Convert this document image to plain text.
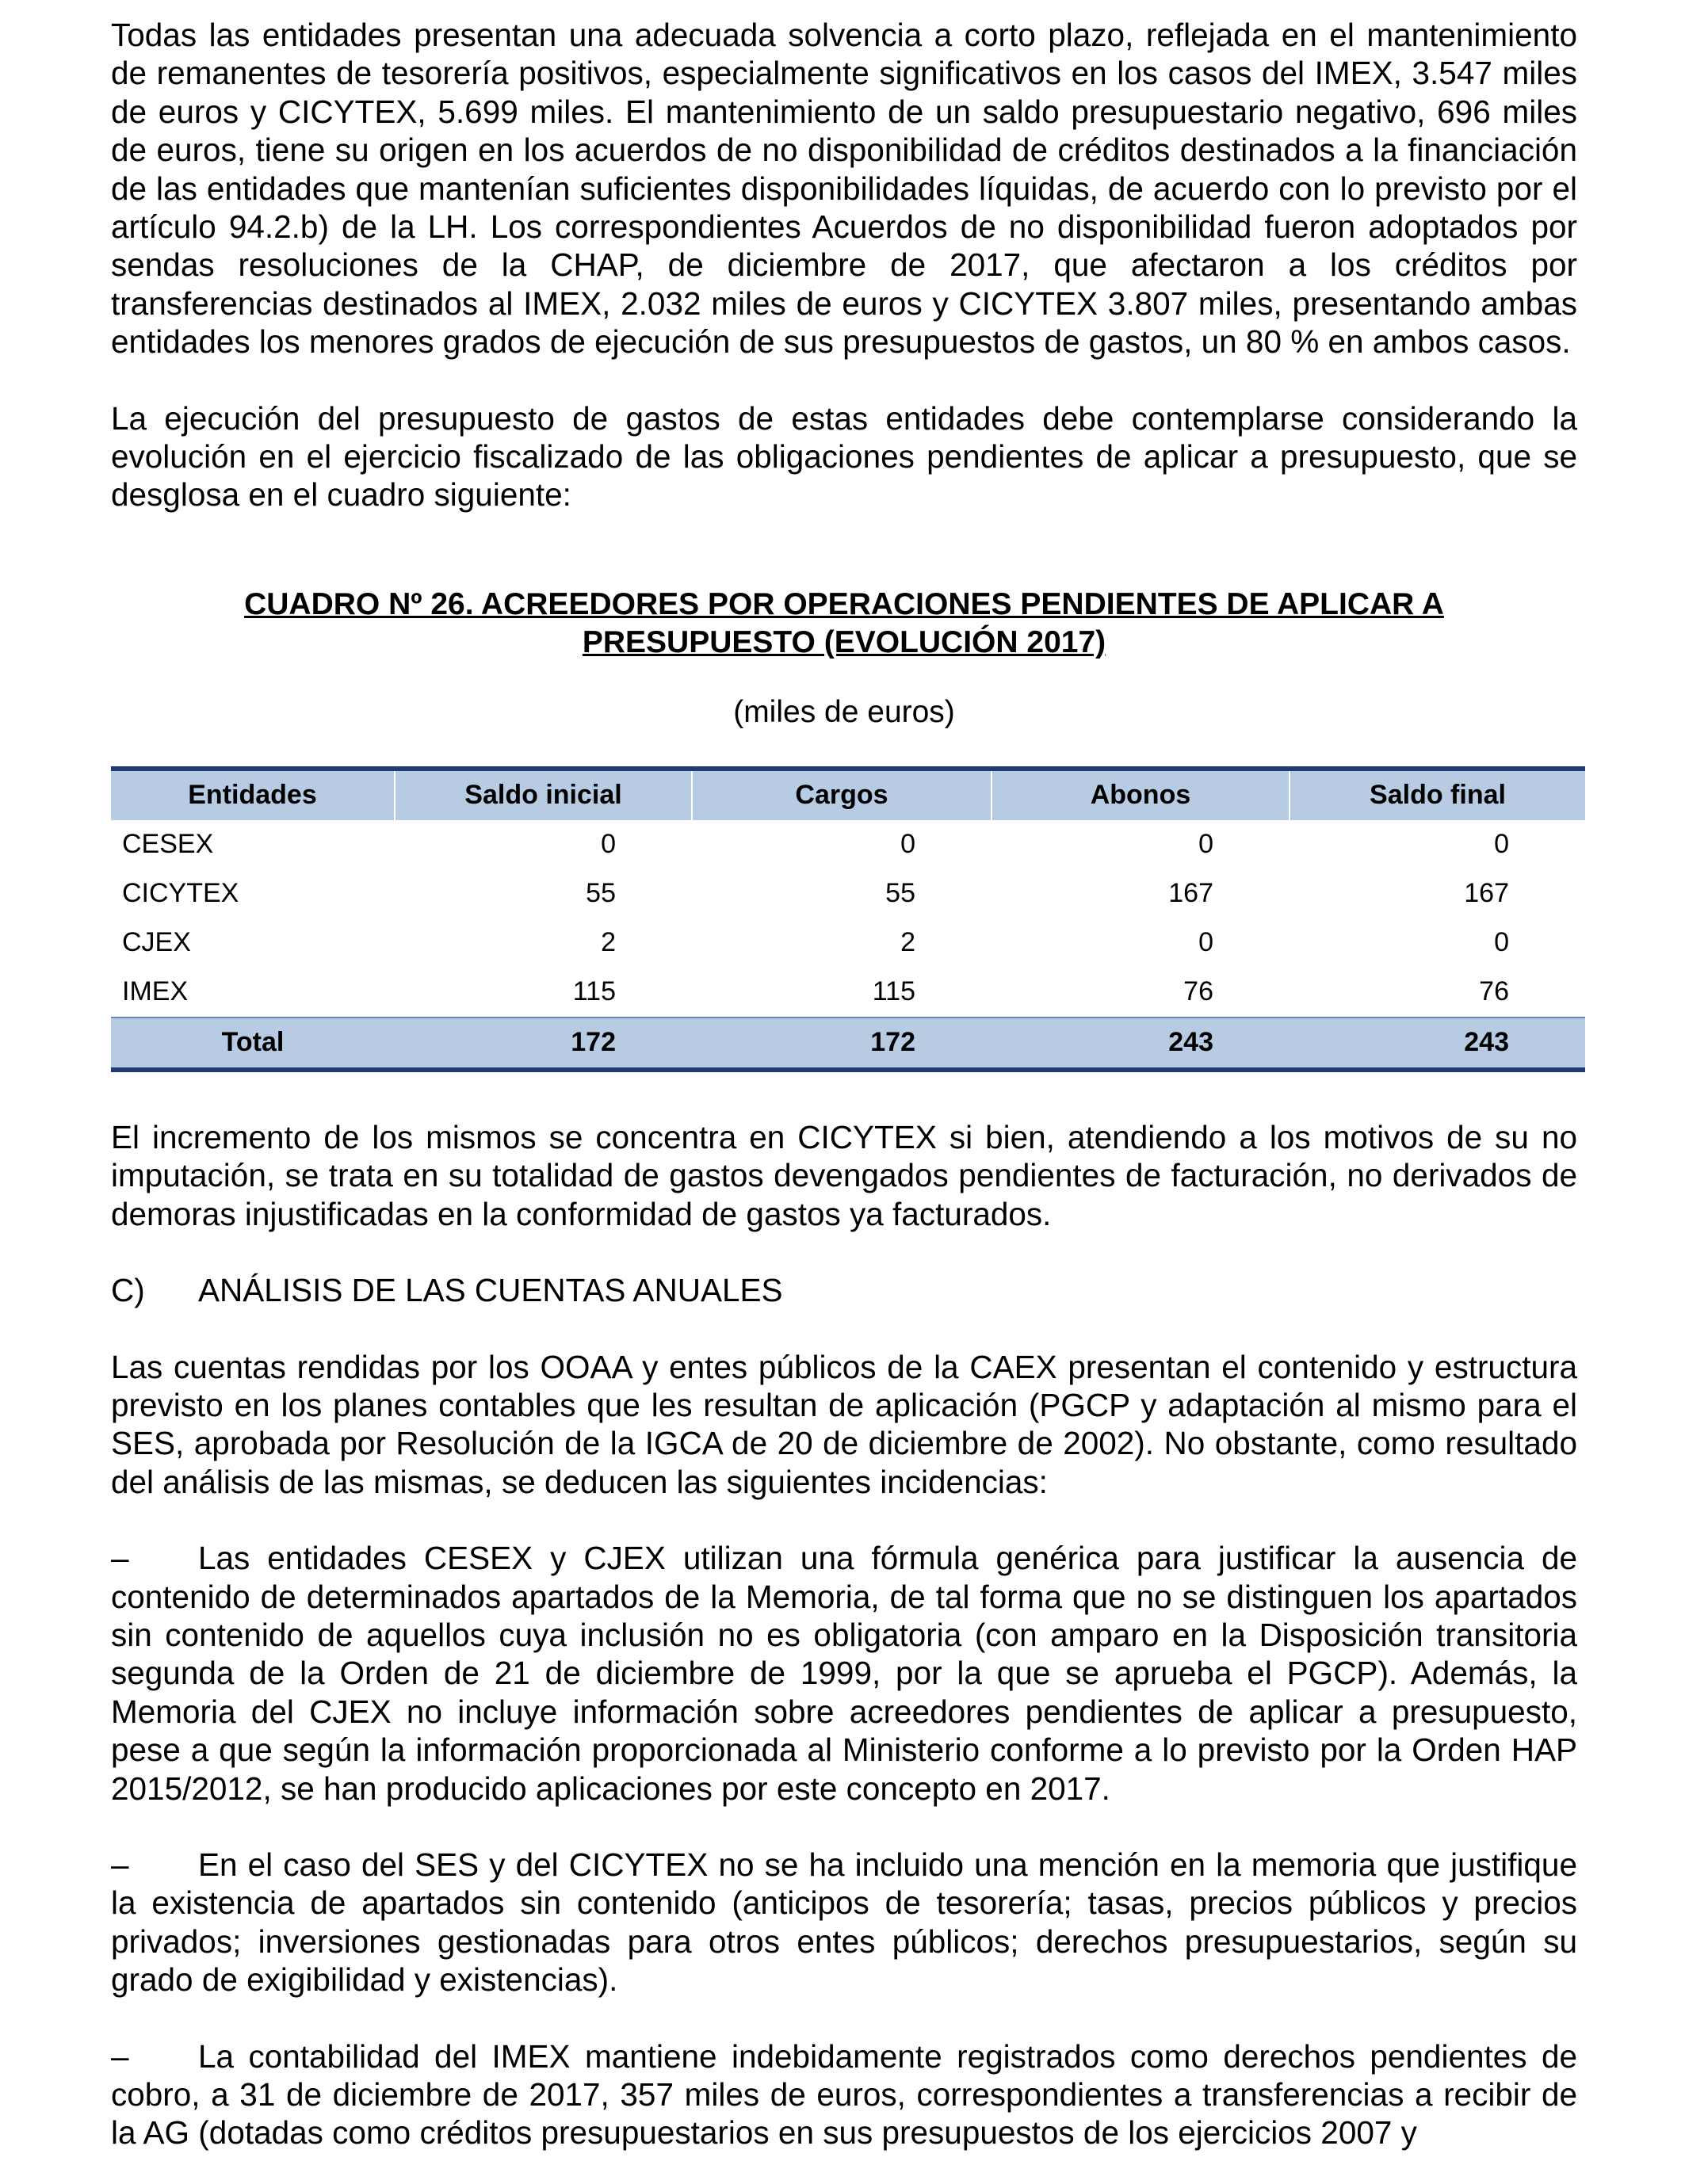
Todas las entidades presentan una adecuada solvencia a corto plazo, reflejada en el mantenimiento de remanentes de tesorería positivos, especialmente significativos en los casos del IMEX, 3.547 miles de euros y CICYTEX, 5.699 miles. El mantenimiento de un saldo presupuestario negativo, 696 miles de euros, tiene su origen en los acuerdos de no disponibilidad de créditos destinados a la financiación de las entidades que mantenían suficientes disponibilidades líquidas, de acuerdo con lo previsto por el artículo 94.2.b) de la LH. Los correspondientes Acuerdos de no disponibilidad fueron adoptados por sendas resoluciones de la CHAP, de diciembre de 2017, que afectaron a los créditos por transferencias destinados al IMEX, 2.032 miles de euros y CICYTEX 3.807 miles, presentando ambas entidades los menores grados de ejecución de sus presupuestos de gastos, un 80 % en ambos casos.

La ejecución del presupuesto de gastos de estas entidades debe contemplarse considerando la evolución en el ejercicio fiscalizado de las obligaciones pendientes de aplicar a presupuesto, que se desglosa en el cuadro siguiente:

CUADRO Nº 26. ACREEDORES POR OPERACIONES PENDIENTES DE APLICAR A
PRESUPUESTO (EVOLUCIÓN 2017)
(miles de euros)
Entidades	Saldo inicial	Cargos	Abonos	Saldo final
CESEX	0	0	0	0
CICYTEX	55	55	167	167
CJEX	2	2	0	0
IMEX	115	115	76	76
Total	172	172	243	243

El incremento de los mismos se concentra en CICYTEX si bien, atendiendo a los motivos de su no imputación, se trata en su totalidad de gastos devengados pendientes de facturación, no derivados de demoras injustificadas en la conformidad de gastos ya facturados.

C) ANÁLISIS DE LAS CUENTAS ANUALES

Las cuentas rendidas por los OOAA y entes públicos de la CAEX presentan el contenido y estructura previsto en los planes contables que les resultan de aplicación (PGCP y adaptación al mismo para el SES, aprobada por Resolución de la IGCA de 20 de diciembre de 2002). No obstante, como resultado del análisis de las mismas, se deducen las siguientes incidencias:

– Las entidades CESEX y CJEX utilizan una fórmula genérica para justificar la ausencia de contenido de determinados apartados de la Memoria, de tal forma que no se distinguen los apartados sin contenido de aquellos cuya inclusión no es obligatoria (con amparo en la Disposición transitoria segunda de la Orden de 21 de diciembre de 1999, por la que se aprueba el PGCP). Además, la Memoria del CJEX no incluye información sobre acreedores pendientes de aplicar a presupuesto, pese a que según la información proporcionada al Ministerio conforme a lo previsto por la Orden HAP 2015/2012, se han producido aplicaciones por este concepto en 2017.

– En el caso del SES y del CICYTEX no se ha incluido una mención en la memoria que justifique la existencia de apartados sin contenido (anticipos de tesorería; tasas, precios públicos y precios privados; inversiones gestionadas para otros entes públicos; derechos presupuestarios, según su grado de exigibilidad y existencias).

– La contabilidad del IMEX mantiene indebidamente registrados como derechos pendientes de cobro, a 31 de diciembre de 2017, 357 miles de euros, correspondientes a transferencias a recibir de la AG (dotadas como créditos presupuestarios en sus presupuestos de los ejercicios 2007 y
